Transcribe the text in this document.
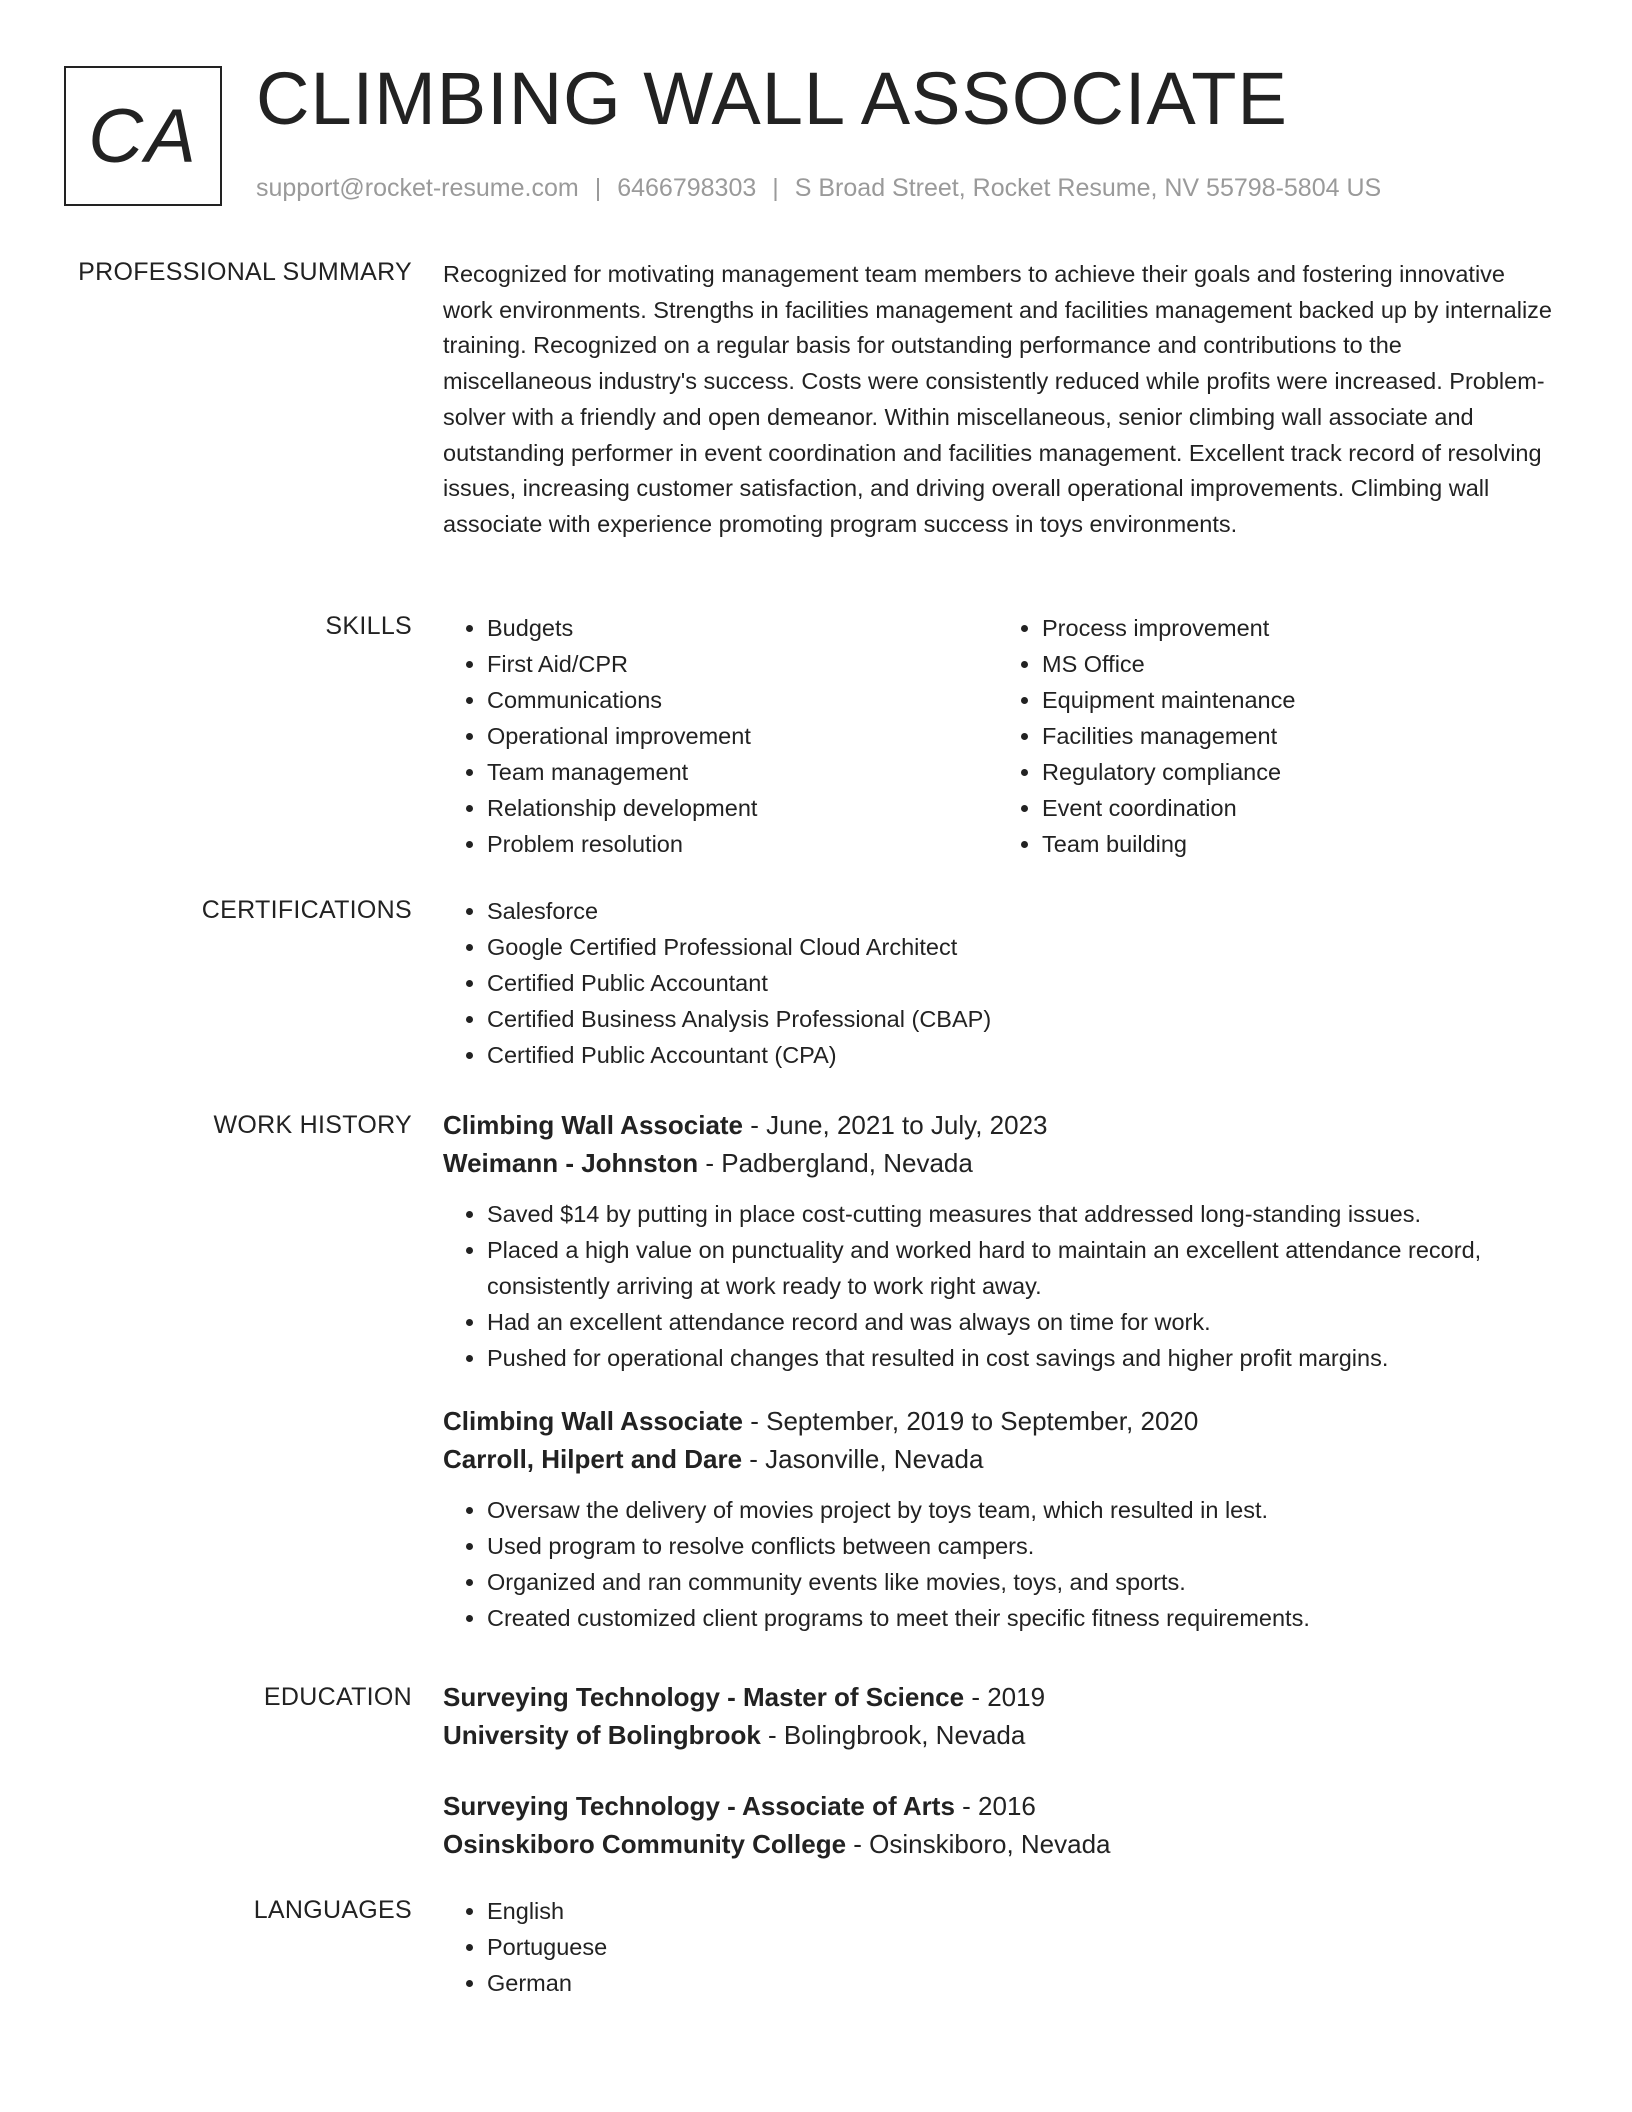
CA CLIMBING WALL ASSOCIATE
support@rocket-resume.com | 6466798303 | S Broad Street, Rocket Resume, NV 55798-5804 US
PROFESSIONAL SUMMARY Recognized for motivating management team members to achieve their goals and fostering innovative work environments. Strengths in facilities management and facilities management backed up by internalize training. Recognized on a regular basis for outstanding performance and contributions to the miscellaneous industry's success. Costs were consistently reduced while profits were increased. Problem-solver with a friendly and open demeanor. Within miscellaneous, senior climbing wall associate and outstanding performer in event coordination and facilities management. Excellent track record of resolving issues, increasing customer satisfaction, and driving overall operational improvements. Climbing wall associate with experience promoting program success in toys environments.
SKILLS	• Budgets
• First Aid/CPR
• Communications
• Operational improvement
• Team management
• Relationship development
• Problem resolution
• Process improvement
• MS Office
• Equipment maintenance
• Facilities management
• Regulatory compliance
• Event coordination
• Team building
CERTIFICATIONS	• Salesforce
• Google Certified Professional Cloud Architect
• Certified Public Accountant
• Certified Business Analysis Professional (CBAP)
• Certified Public Accountant (CPA)
WORK HISTORY Climbing Wall Associate - June, 2021 to July, 2023
Weimann - Johnston - Padbergland, Nevada
• Saved $14 by putting in place cost-cutting measures that addressed long-standing issues.
• Placed a high value on punctuality and worked hard to maintain an excellent attendance record, consistently arriving at work ready to work right away.
• Had an excellent attendance record and was always on time for work.
• Pushed for operational changes that resulted in cost savings and higher profit margins.
Climbing Wall Associate - September, 2019 to September, 2020
Carroll, Hilpert and Dare - Jasonville, Nevada
• Oversaw the delivery of movies project by toys team, which resulted in lest.
• Used program to resolve conflicts between campers.
• Organized and ran community events like movies, toys, and sports.
• Created customized client programs to meet their specific fitness requirements.
EDUCATION Surveying Technology - Master of Science - 2019
University of Bolingbrook - Bolingbrook, Nevada
Surveying Technology - Associate of Arts - 2016
Osinskiboro Community College - Osinskiboro, Nevada
LANGUAGES	• English
• Portuguese
• German
